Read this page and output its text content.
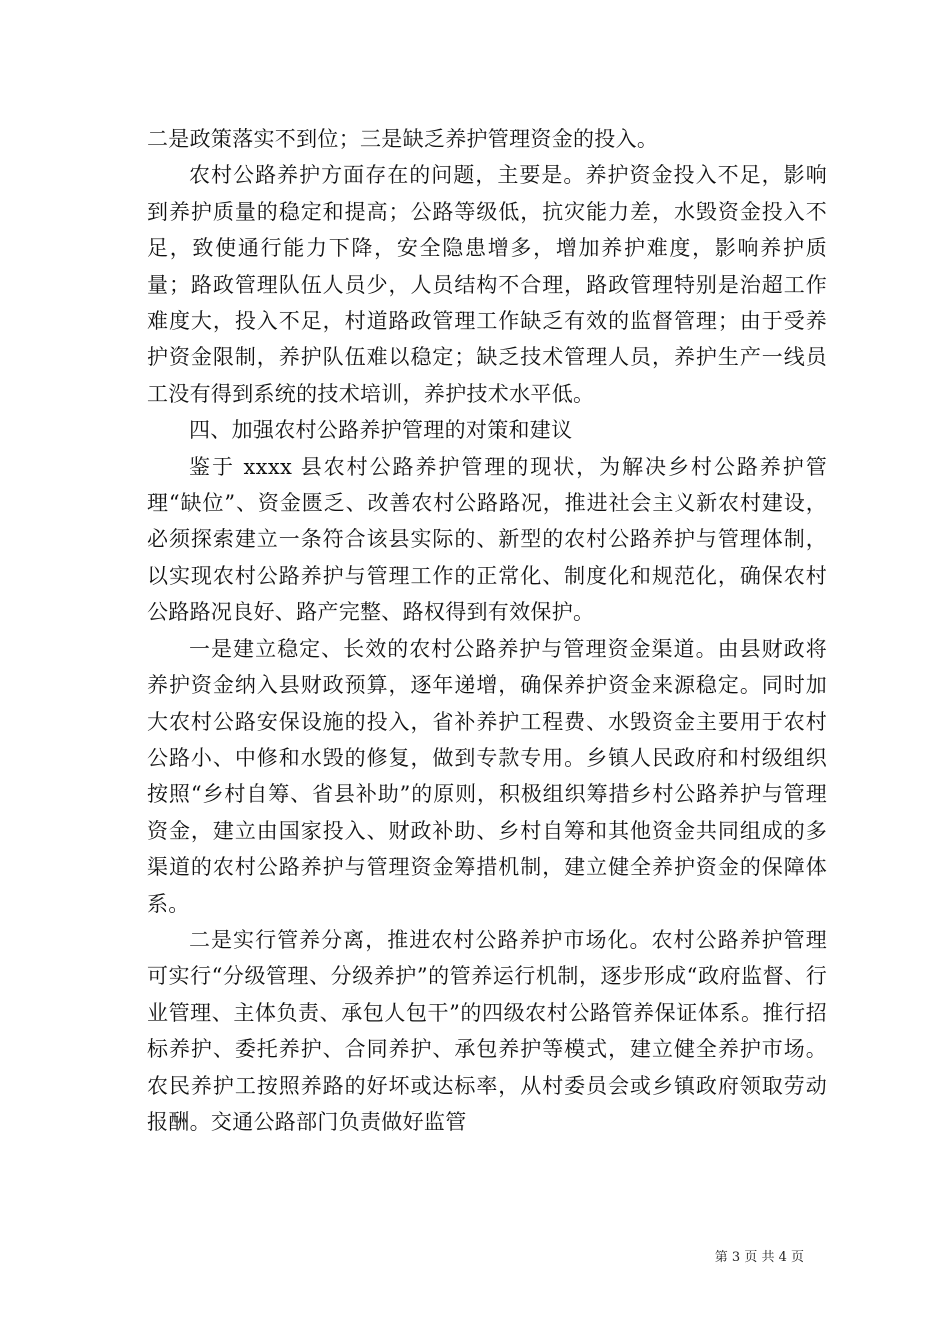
二是政策落实不到位；三是缺乏养护管理资金的投入。

农村公路养护方面存在的问题，主要是。养护资金投入不足，影响到养护质量的稳定和提高；公路等级低，抗灾能力差，水毁资金投入不足，致使通行能力下降，安全隐患增多，增加养护难度，影响养护质量；路政管理队伍人员少，人员结构不合理，路政管理特别是治超工作难度大，投入不足，村道路政管理工作缺乏有效的监督管理；由于受养护资金限制，养护队伍难以稳定；缺乏技术管理人员，养护生产一线员工没有得到系统的技术培训，养护技术水平低。

四、加强农村公路养护管理的对策和建议

鉴于 xxxx 县农村公路养护管理的现状，为解决乡村公路养护管理“缺位”、资金匮乏、改善农村公路路况，推进社会主义新农村建设，必须探索建立一条符合该县实际的、新型的农村公路养护与管理体制，以实现农村公路养护与管理工作的正常化、制度化和规范化，确保农村公路路况良好、路产完整、路权得到有效保护。

一是建立稳定、长效的农村公路养护与管理资金渠道。由县财政将养护资金纳入县财政预算，逐年递增，确保养护资金来源稳定。同时加大农村公路安保设施的投入，省补养护工程费、水毁资金主要用于农村公路小、中修和水毁的修复，做到专款专用。乡镇人民政府和村级组织按照“乡村自筹、省县补助”的原则，积极组织筹措乡村公路养护与管理资金，建立由国家投入、财政补助、乡村自筹和其他资金共同组成的多渠道的农村公路养护与管理资金筹措机制，建立健全养护资金的保障体系。

二是实行管养分离，推进农村公路养护市场化。农村公路养护管理可实行“分级管理、分级养护”的管养运行机制，逐步形成“政府监督、行业管理、主体负责、承包人包干”的四级农村公路管养保证体系。推行招标养护、委托养护、合同养护、承包养护等模式，建立健全养护市场。农民养护工按照养路的好坏或达标率，从村委员会或乡镇政府领取劳动报酬。交通公路部门负责做好监管

第 3 页 共 4 页
